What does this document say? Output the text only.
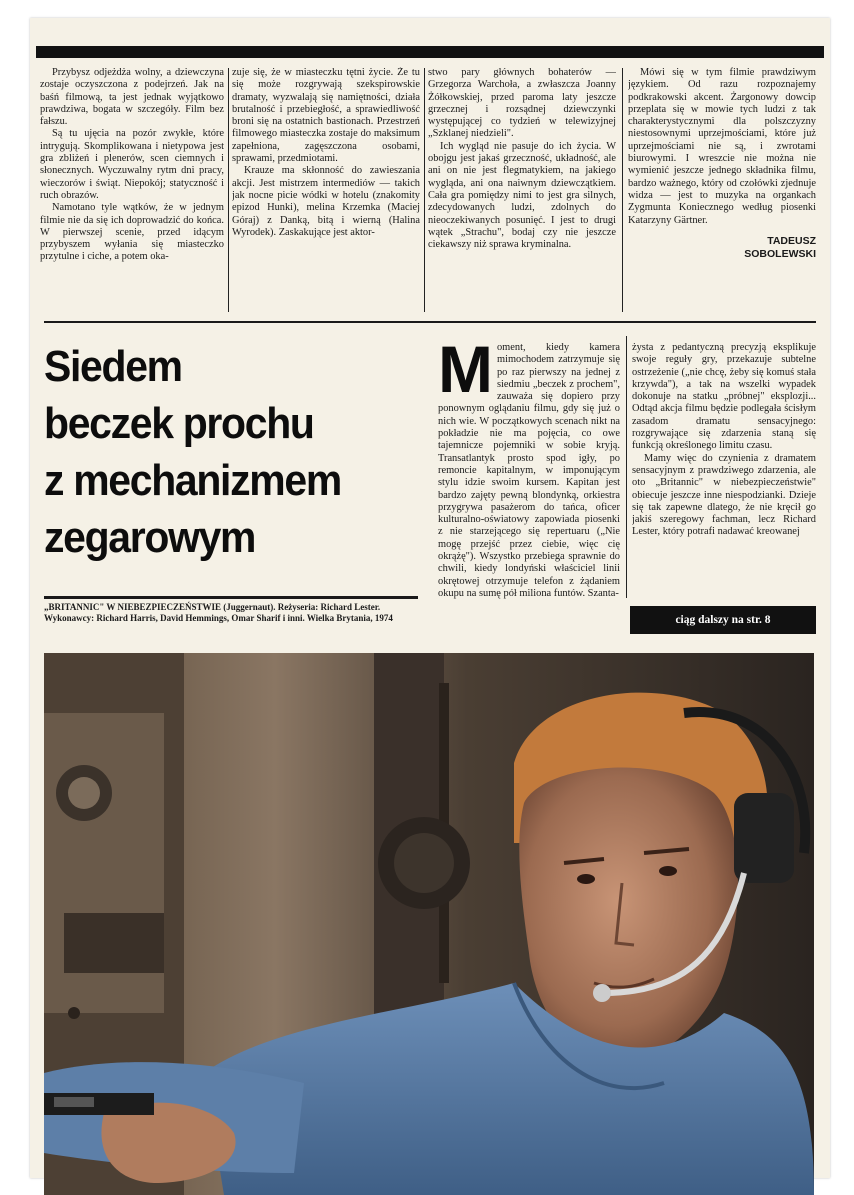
Przybysz odjeżdża wolny, a dziewczyna zostaje oczyszczona z podejrzeń. Jak na baśń filmową, ta jest jednak wyjątkowo prawdziwa, bogata w szczegóły. Film bez fałszu.

Są tu ujęcia na pozór zwykłe, które intrygują. Skomplikowana i nietypowa jest gra zbliżeń i plenerów, scen ciemnych i słonecznych. Wyczuwalny rytm dni pracy, wieczorów i świąt. Niepokój; statyczność i ruch obrazów.

Namotano tyle wątków, że w jednym filmie nie da się ich doprowadzić do końca. W pierwszej scenie, przed idącym przybyszem wyłania się miasteczko przytulne i ciche, a potem oka-

zuje się, że w miasteczku tętni życie. Że tu się może rozgrywają szekspirowskie dramaty, wyzwalają się namiętności, działa brutalność i przebiegłość, a sprawiedliwość broni się na ostatnich bastionach. Przestrzeń filmowego miasteczka zostaje do maksimum zapełniona, zagęszczona osobami, sprawami, przedmiotami.

Krauze ma skłonność do zawieszania akcji. Jest mistrzem intermediów — takich jak nocne picie wódki w hotelu (znakomity epizod Hunki), melina Krzemka (Maciej Góraj) z Danką, bitą i wierną (Halina Wyrodek). Zaskakujące jest aktor-

stwo pary głównych bohaterów — Grzegorza Warchoła, a zwłaszcza Joanny Żółkowskiej, przed paroma laty jeszcze grzecznej i rozsądnej dziewczynki występującej co tydzień w telewizyjnej „Szklanej niedzieli".

Ich wygląd nie pasuje do ich życia. W obojgu jest jakaś grzeczność, układność, ale ani on nie jest flegmatykiem, na jakiego wygląda, ani ona naiwnym dziewczątkiem. Cała gra pomiędzy nimi to jest gra silnych, zdecydowanych ludzi, zdolnych do nieoczekiwanych posunięć. I jest to drugi wątek „Strachu", bodaj czy nie jeszcze ciekawszy niż sprawa kryminalna.

Mówi się w tym filmie prawdziwym językiem. Od razu rozpoznajemy podkrakowski akcent. Żargonowy dowcip przeplata się w mowie tych ludzi z tak charakterystycznymi dla polszczyzny niestosownymi uprzejmościami, które już uprzejmościami nie są, i zwrotami biurowymi. I wreszcie nie można nie wymienić jeszcze jednego składnika filmu, bardzo ważnego, który od czołówki zjednuje widza — jest to muzyka na organkach Zygmunta Koniecznego według piosenki Katarzyny Gärtner.

TADEUSZ
SOBOLEWSKI
Siedem
beczek prochu
z mechanizmem
zegarowym
„BRITANNIC" W NIEBEZPIECZEŃSTWIE (Juggernaut). Reżyseria: Richard Lester. Wykonawcy: Richard Harris, David Hemmings, Omar Sharif i inni. Wielka Brytania, 1974
Moment, kiedy kamera mimochodem zatrzymuje się po raz pierwszy na jednej z siedmiu „beczek z prochem", zauważa się dopiero przy ponownym oglądaniu filmu, gdy się już o nich wie. W początkowych scenach nikt na pokładzie nie ma pojęcia, co owe tajemnicze pojemniki w sobie kryją. Transatlantyk prosto spod igły, po remoncie kapitalnym, w imponującym stylu idzie swoim kursem. Kapitan jest bardzo zajęty pewną blondynką, orkiestra przygrywa pasażerom do tańca, oficer kulturalno-oświatowy zapowiada piosenki z nie starzejącego się repertuaru („Nie mogę przejść przez ciebie, więc cię okrążę"). Wszystko przebiega sprawnie do chwili, kiedy londyński właściciel linii okrętowej otrzymuje telefon z żądaniem okupu na sumę pół miliona funtów. Szanta-

żysta z pedantyczną precyzją eksplikuje swoje reguły gry, przekazuje subtelne ostrzeżenie („nie chcę, żeby się komuś stała krzywda"), a tak na wszelki wypadek dokonuje na statku „próbnej" eksplozji... Odtąd akcja filmu będzie podlegała ścisłym zasadom dramatu sensacyjnego: rozgrywające się zdarzenia staną się funkcją określonego limitu czasu.

Mamy więc do czynienia z dramatem sensacyjnym z prawdziwego zdarzenia, ale oto „Britannic" w niebezpieczeństwie" obiecuje jeszcze inne niespodzianki. Dzieje się tak zapewne dlatego, że nie kręcił go jakiś szeregowy fachman, lecz Richard Lester, który potrafi nadawać kreowanej

ciąg dalszy na str. 8
